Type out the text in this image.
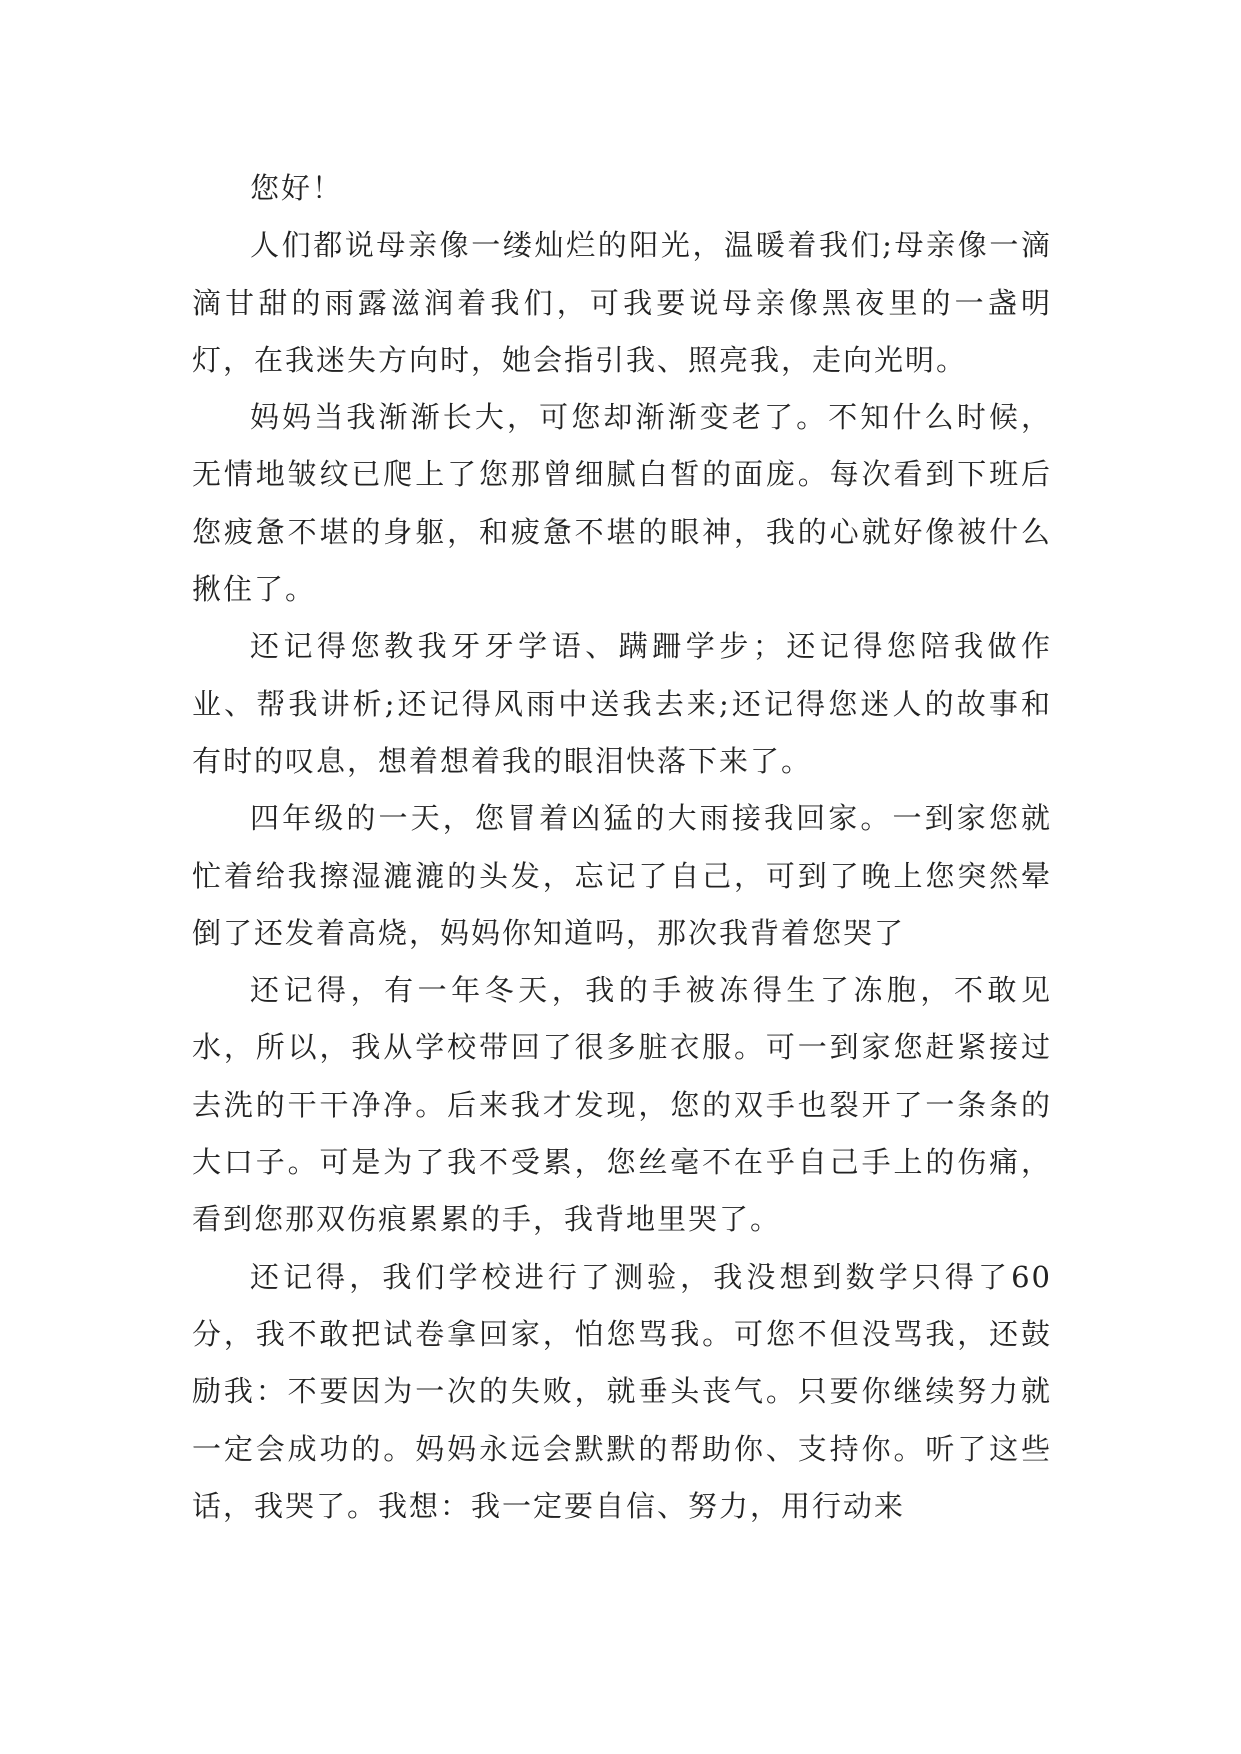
您好！

人们都说母亲像一缕灿烂的阳光，温暖着我们;母亲像一滴滴甘甜的雨露滋润着我们，可我要说母亲像黑夜里的一盏明灯，在我迷失方向时，她会指引我、照亮我，走向光明。

妈妈当我渐渐长大，可您却渐渐变老了。不知什么时候，无情地皱纹已爬上了您那曾细腻白皙的面庞。每次看到下班后您疲惫不堪的身躯，和疲惫不堪的眼神，我的心就好像被什么揪住了。

还记得您教我牙牙学语、蹒跚学步；还记得您陪我做作业、帮我讲析;还记得风雨中送我去来;还记得您迷人的故事和有时的叹息，想着想着我的眼泪快落下来了。

四年级的一天，您冒着凶猛的大雨接我回家。一到家您就忙着给我擦湿漉漉的头发，忘记了自己，可到了晚上您突然晕倒了还发着高烧，妈妈你知道吗，那次我背着您哭了

还记得，有一年冬天，我的手被冻得生了冻胞，不敢见水，所以，我从学校带回了很多脏衣服。可一到家您赶紧接过去洗的干干净净。后来我才发现，您的双手也裂开了一条条的大口子。可是为了我不受累，您丝毫不在乎自己手上的伤痛，看到您那双伤痕累累的手，我背地里哭了。

还记得，我们学校进行了测验，我没想到数学只得了60分，我不敢把试卷拿回家，怕您骂我。可您不但没骂我，还鼓励我：不要因为一次的失败，就垂头丧气。只要你继续努力就一定会成功的。妈妈永远会默默的帮助你、支持你。听了这些话，我哭了。我想：我一定要自信、努力，用行动来
